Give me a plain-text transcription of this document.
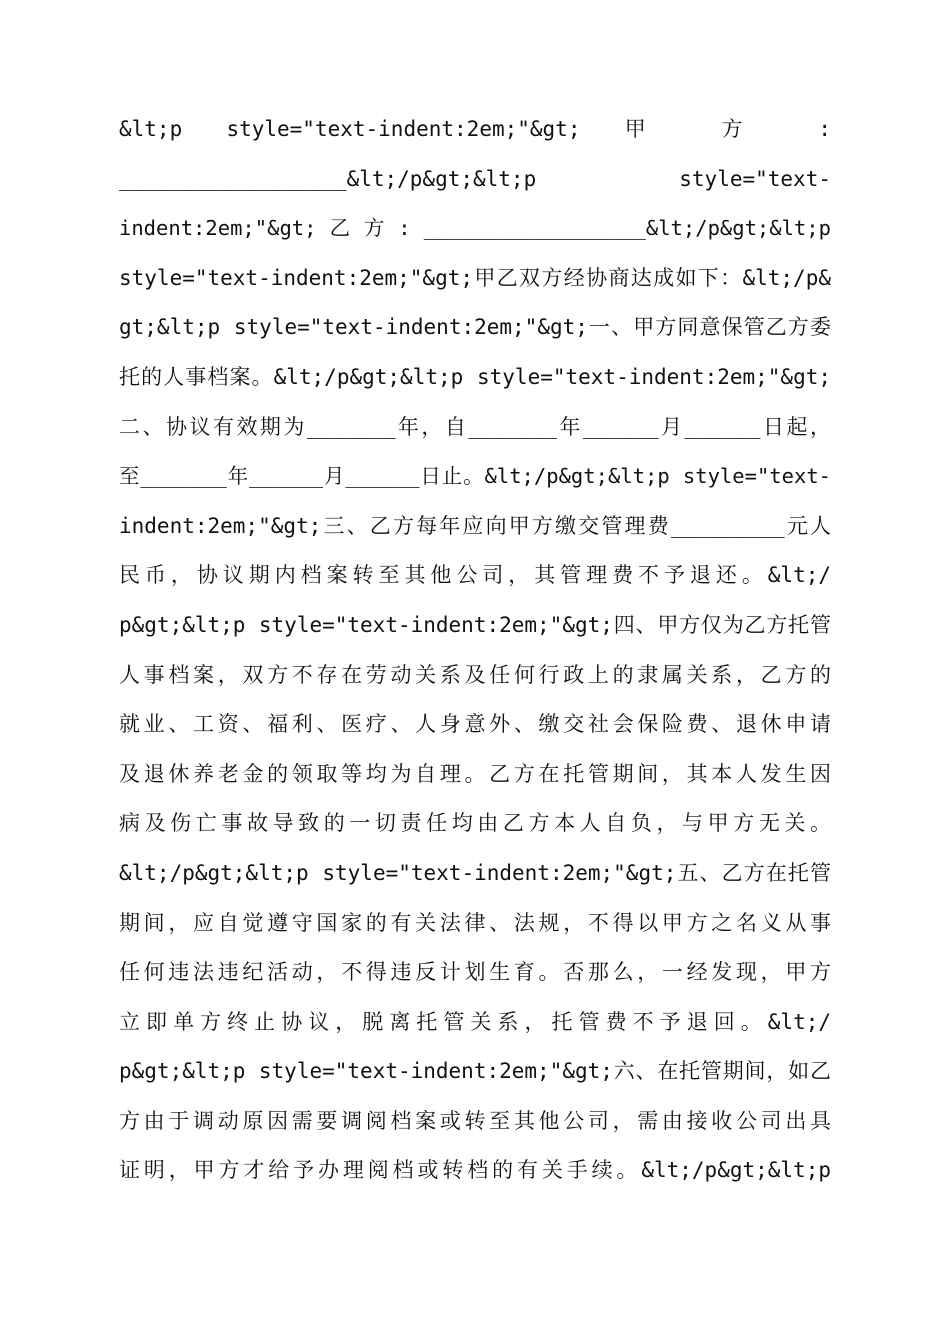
&lt;p style="text-indent:2em;"&gt; 甲 方 :
__________________&lt;/p&gt;&lt;p style="text-
indent:2em;"&gt; 乙 方 : __________________&lt;/p&gt;&lt;p
style="text-indent:2em;"&gt;甲乙双方经协商达成如下：&lt;/p&
gt;&lt;p style="text-indent:2em;"&gt;一、甲方同意保管乙方委
托的人事档案。&lt;/p&gt;&lt;p style="text-indent:2em;"&gt;
二、协议有效期为_______年，自_______年______月______日起，
至_______年______月______日止。&lt;/p&gt;&lt;p style="text-
indent:2em;"&gt;三、乙方每年应向甲方缴交管理费_________元人
民币，协议期内档案转至其他公司，其管理费不予退还。&lt;/
p&gt;&lt;p style="text-indent:2em;"&gt;四、甲方仅为乙方托管
人事档案，双方不存在劳动关系及任何行政上的隶属关系，乙方的
就业、工资、福利、医疗、人身意外、缴交社会保险费、退休申请
及退休养老金的领取等均为自理。乙方在托管期间，其本人发生因
病及伤亡事故导致的一切责任均由乙方本人自负，与甲方无关。
&lt;/p&gt;&lt;p style="text-indent:2em;"&gt;五、乙方在托管
期间，应自觉遵守国家的有关法律、法规，不得以甲方之名义从事
任何违法违纪活动，不得违反计划生育。否那么，一经发现，甲方
立即单方终止协议，脱离托管关系，托管费不予退回。&lt;/
p&gt;&lt;p style="text-indent:2em;"&gt;六、在托管期间，如乙
方由于调动原因需要调阅档案或转至其他公司，需由接收公司出具
证明，甲方才给予办理阅档或转档的有关手续。&lt;/p&gt;&lt;p
